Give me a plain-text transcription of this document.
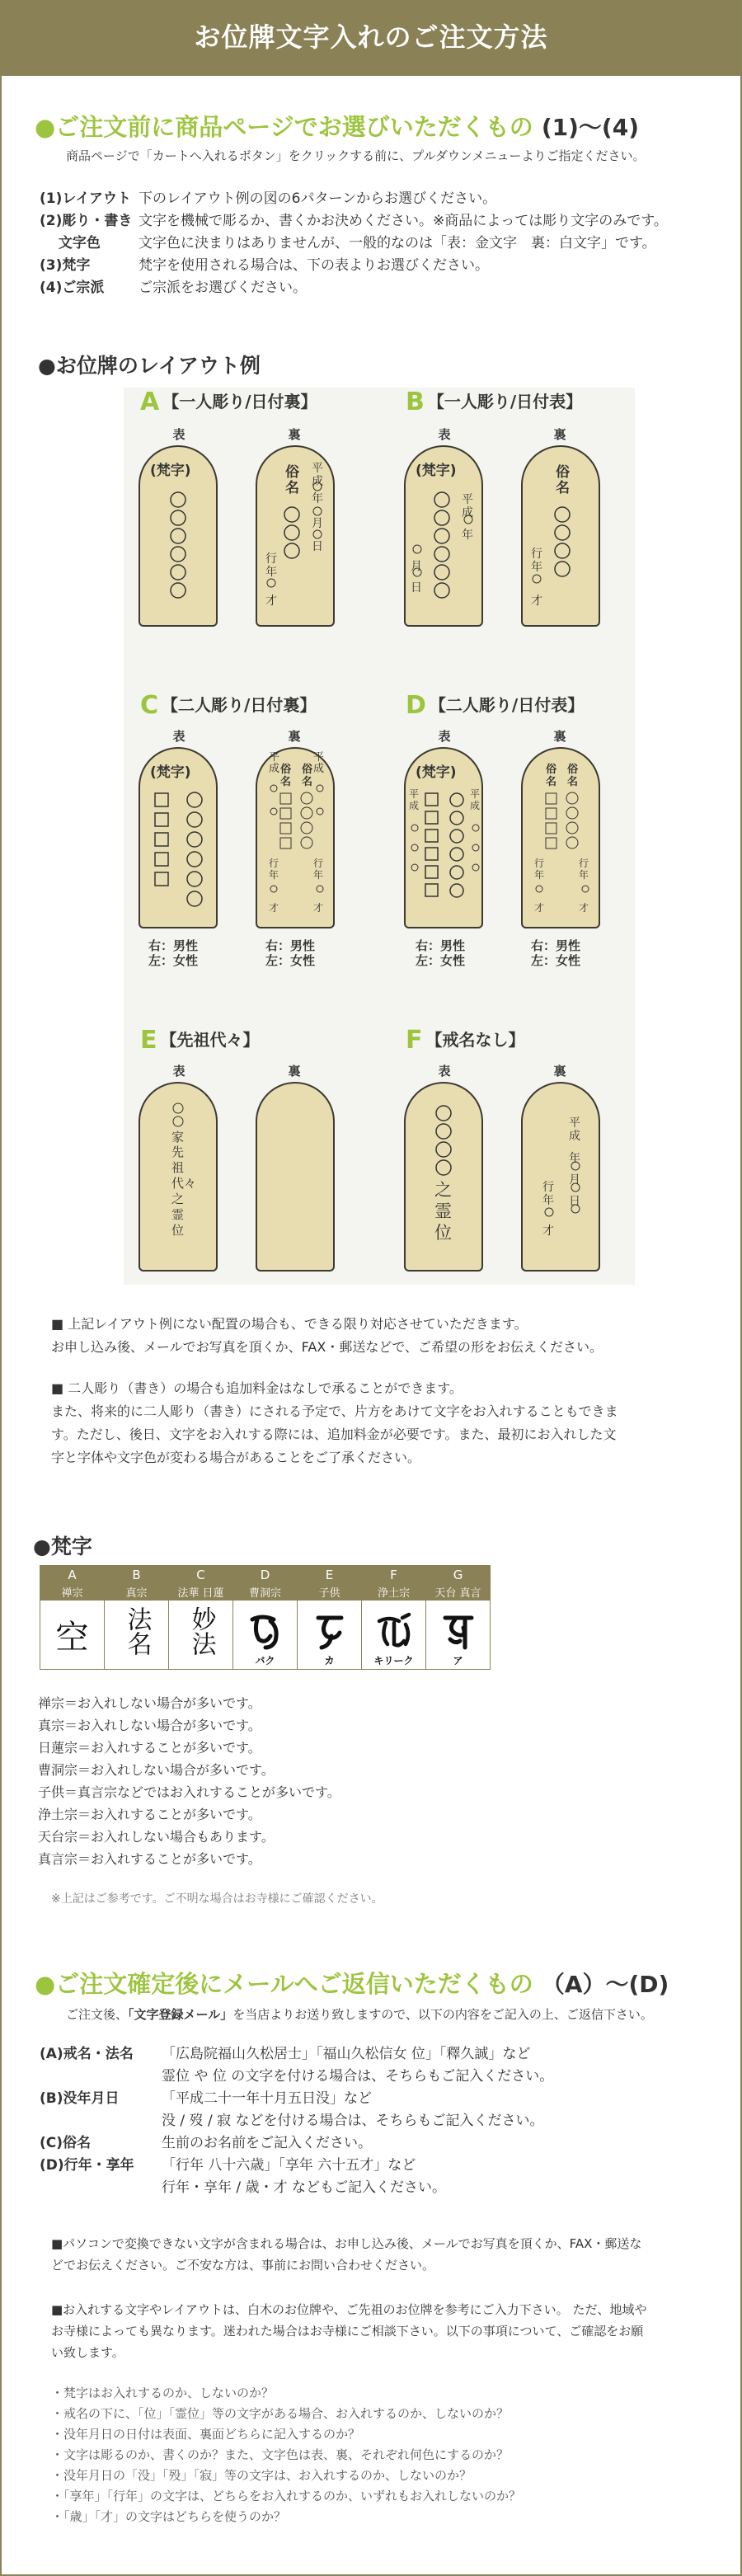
お位牌文字入れのご注文方法
●ご注文前に商品ページでお選びいただくもの (1)〜(4)
商品ページで「カートへ入れるボタン」をクリックする前に、プルダウンメニューよりご指定ください。
(1)レイアウト 下のレイアウト例の図の6パターンからお選びください。
(2)彫り・書き 文字を機械で彫るか、書くかお決めください。※商品によっては彫り文字のみです。
　 文字色	文字色に決まりはありませんが、一般的なのは「表：金文字　裏：白文字」です。
(3)梵字	梵字を使用される場合は、下の表よりお選びください。
(4)ご宗派	ご宗派をお選びください。
●お位牌のレイアウト例
A 【一人彫り/日付裏】	B 【一人彫り/日付表】
C 【二人彫り/日付裏】	D 【二人彫り/日付表】
E 【先祖代々】	F 【戒名なし】
表	裏	表	裏
表	裏	表	裏
表	裏	表	裏
(梵字)	俗名
平成
年
月
日
行年
才
(梵字)
平成
年
月
日
俗名
行年
才
(梵字)
平成
平成
俗名
俗名
行年
行年
才	才
(梵字)
平成
平成
俗名
俗名
行年
行年
才	才
右：男性
左：女性
右：男性
左：女性
右：男性
左：女性
右：男性
左：女性
家
先祖代々之霊位
之霊位
平成
年
月
日
行年
才
■ 上記レイアウト例にない配置の場合も、できる限り対応させていただきます。
お申し込み後、メールでお写真を頂くか、FAX・郵送などで、ご希望の形をお伝えください。
■ 二人彫り（書き）の場合も追加料金はなしで承ることができます。
また、将来的に二人彫り（書き）にされる予定で、片方をあけて文字をお入れすることもできま
す。ただし、後日、文字をお入れする際には、追加料金が必要です。また、最初にお入れした文
字と字体や文字色が変わる場合があることをご了承ください。
●梵字
A	B	C	D	E	F	G
禅宗	真宗	法華 日蓮	曹洞宗	子供	浄土宗	天台 真言
空	法名	妙法	バク	カ	キリーク	ア
禅宗＝お入れしない場合が多いです。
真宗＝お入れしない場合が多いです。
日蓮宗＝お入れすることが多いです。
曹洞宗＝お入れしない場合が多いです。
子供＝真言宗などではお入れすることが多いです。
浄土宗＝お入れすることが多いです。
天台宗＝お入れしない場合もあります。
真言宗＝お入れすることが多いです。
※上記はご参考です。ご不明な場合はお寺様にご確認ください。
●ご注文確定後にメールへご返信いただくもの （A）〜(D)
ご注文後、「文字登録メール」を当店よりお送り致しますので、以下の内容をご記入の上、ご返信下さい。
(A)戒名・法名	「広島院福山久松居士」「福山久松信女 位」「釋久誠」など
霊位 や 位 の文字を付ける場合は、そちらもご記入ください。
(B)没年月日	「平成二十一年十月五日没」など
没 / 歿 / 寂 などを付ける場合は、そちらもご記入ください。
(C)俗名	生前のお名前をご記入ください。
(D)行年・享年	「行年 八十六歳」「享年 六十五才」など
行年・享年 / 歳・才 などもご記入ください。
■パソコンで変換できない文字が含まれる場合は、お申し込み後、メールでお写真を頂くか、FAX・郵送な
どでお伝えください。ご不安な方は、事前にお問い合わせください。
■お入れする文字やレイアウトは、白木のお位牌や、ご先祖のお位牌を参考にご入力下さい。 ただ、地域や
お寺様によっても異なります。迷われた場合はお寺様にご相談下さい。以下の事項について、ご確認をお願
い致します。
・梵字はお入れするのか、しないのか？
・戒名の下に、「位」「霊位」等の文字がある場合、お入れするのか、しないのか？
・没年月日の日付は表面、裏面どちらに記入するのか？
・文字は彫るのか、書くのか？また、文字色は表、裏、それぞれ何色にするのか？
・没年月日の「没」「殁」「寂」等の文字は、お入れするのか、しないのか？
・「享年」「行年」の文字は、どちらをお入れするのか、いずれもお入れしないのか？
・「歳」「才」の文字はどちらを使うのか？
